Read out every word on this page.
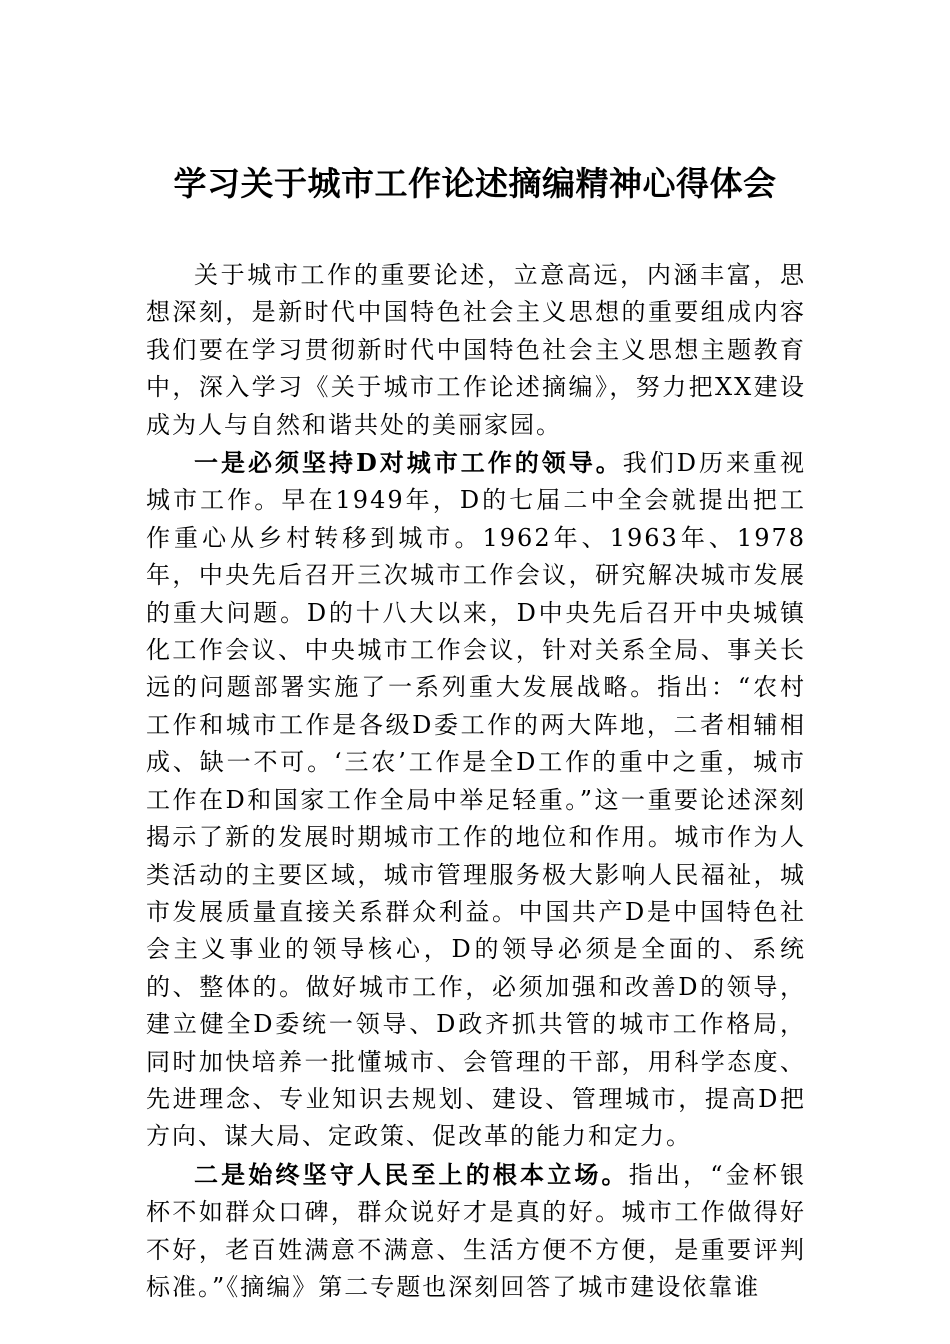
学习关于城市工作论述摘编精神心得体会

关于城市工作的重要论述，立意高远，内涵丰富，思想深刻，是新时代中国特色社会主义思想的重要组成内容我们要在学习贯彻新时代中国特色社会主义思想主题教育中，深入学习《关于城市工作论述摘编》，努力把XX建设成为人与自然和谐共处的美丽家园。

一是必须坚持D对城市工作的领导。我们D历来重视城市工作。早在1949年，D的七届二中全会就提出把工作重心从乡村转移到城市。1962年、1963年、1978年，中央先后召开三次城市工作会议，研究解决城市发展的重大问题。D的十八大以来，D中央先后召开中央城镇化工作会议、中央城市工作会议，针对关系全局、事关长远的问题部署实施了一系列重大发展战略。指出：“农村工作和城市工作是各级D委工作的两大阵地，二者相辅相成、缺一不可。‘三农’工作是全D工作的重中之重，城市工作在D和国家工作全局中举足轻重。”这一重要论述深刻揭示了新的发展时期城市工作的地位和作用。城市作为人类活动的主要区域，城市管理服务极大影响人民福祉，城市发展质量直接关系群众利益。中国共产D是中国特色社会主义事业的领导核心，D的领导必须是全面的、系统的、整体的。做好城市工作，必须加强和改善D的领导，建立健全D委统一领导、D政齐抓共管的城市工作格局，同时加快培养一批懂城市、会管理的干部，用科学态度、先进理念、专业知识去规划、建设、管理城市，提高D把方向、谋大局、定政策、促改革的能力和定力。

二是始终坚守人民至上的根本立场。指出，“金杯银杯不如群众口碑，群众说好才是真的好。城市工作做得好不好，老百姓满意不满意、生活方便不方便，是重要评判标准。”《摘编》第二专题也深刻回答了城市建设依靠谁
